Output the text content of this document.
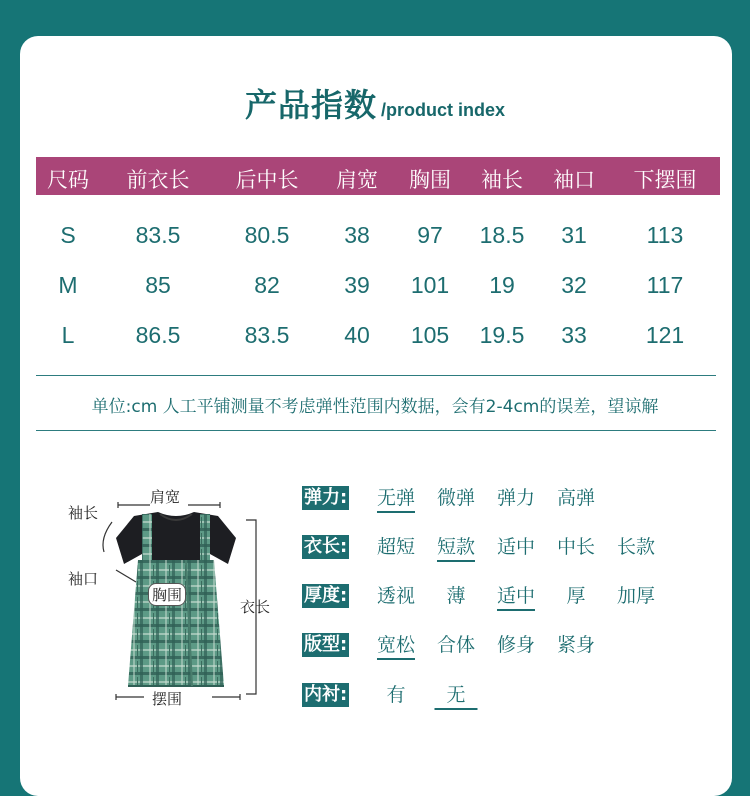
产品指数 /product index
尺码 前衣长 后中长 肩宽 胸围 袖长 袖口 下摆围
S	83.5	80.5 38 97 18.5 31	113
M	85	82	39 101 19 32	117
L	86.5	83.5 40 105 19.5 33	121
单位:cm 人工平铺测量不考虑弹性范围内数据，会有2-4cm的误差，望谅解
肩宽
袖长
袖口
胸围
衣长
摆围
弹力: 无弹 微弹 弹力 高弹
衣长: 超短 短款 适中 中长 长款
厚度: 透视 薄 适中 厚 加厚
版型: 宽松 合体 修身 紧身
内衬: 有	无
